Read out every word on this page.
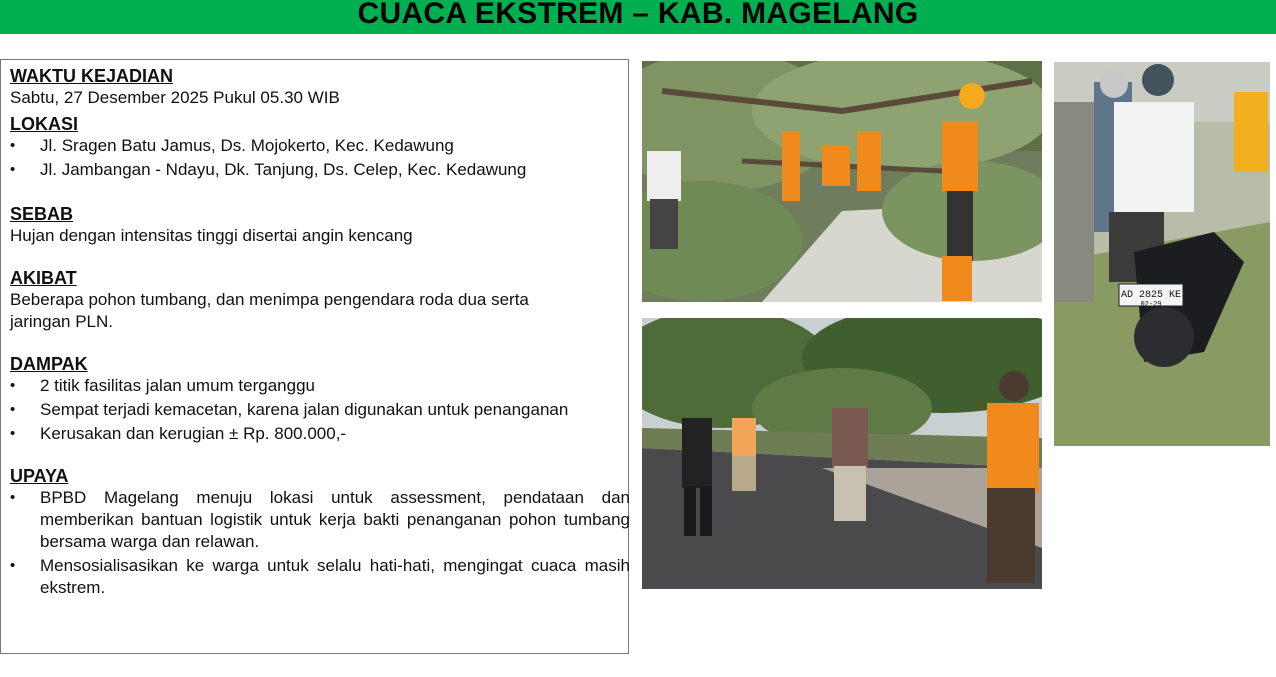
CUACA EKSTREM – KAB. MAGELANG

WAKTU KEJADIAN

Sabtu, 27 Desember 2025 Pukul 05.30 WIB

LOKASI

• Jl. Sragen Batu Jamus, Ds. Mojokerto, Kec. Kedawung
• Jl. Jambangan - Ndayu, Dk. Tanjung, Ds. Celep, Kec. Kedawung

SEBAB

Hujan dengan intensitas tinggi disertai angin kencang

AKIBAT

Beberapa pohon tumbang, dan menimpa pengendara roda dua serta jaringan PLN.

DAMPAK

• 2 titik fasilitas jalan umum terganggu
• Sempat terjadi kemacetan, karena jalan digunakan untuk penanganan
• Kerusakan dan kerugian ± Rp. 800.000,-

UPAYA

• BPBD Magelang menuju lokasi untuk assessment, pendataan dan memberikan bantuan logistik untuk kerja bakti penanganan pohon tumbang bersama warga dan relawan.
• Mensosialisasikan ke warga untuk selalu hati-hati, mengingat cuaca masih ekstrem.
AD 2825 KE
02-29
